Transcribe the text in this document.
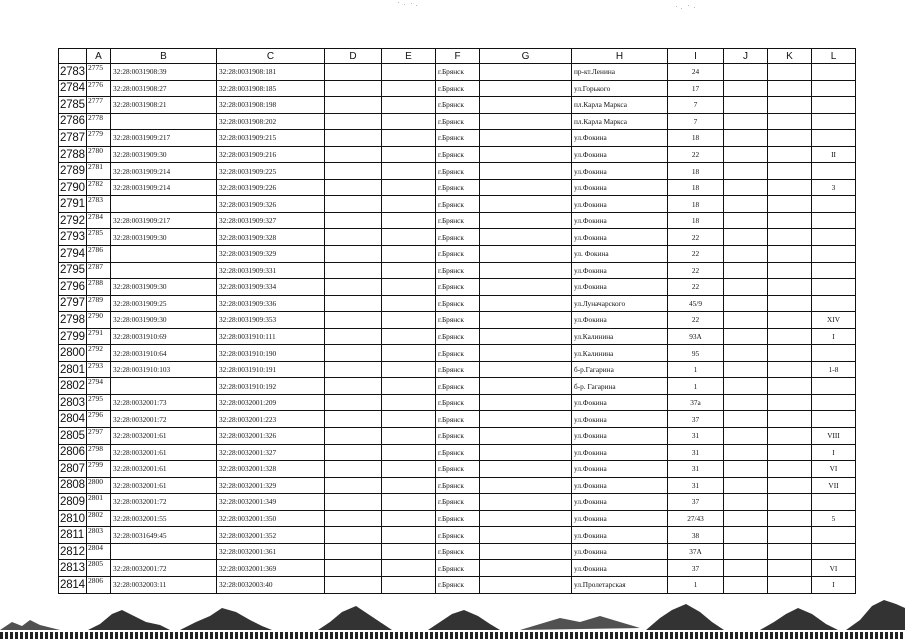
	A	B	C	D	E	F	G	H	I	J	K	L
2783	2775	32:28:0031908:39	32:28:0031908:181			г.Брянск		пр-кт.Ленина	24			
2784	2776	32:28:0031908:27	32:28:0031908:185			г.Брянск		ул.Горького	17			
2785	2777	32:28:0031908:21	32:28:0031908:198			г.Брянск		пл.Карла Маркса	7			
2786	2778		32:28:0031908:202			г.Брянск		пл.Карла Маркса	7			
2787	2779	32:28:0031909:217	32:28:0031909:215			г.Брянск		ул.Фокина	18			
2788	2780	32:28:0031909:30	32:28:0031909:216			г.Брянск		ул.Фокина	22			II
2789	2781	32:28:0031909:214	32:28:0031909:225			г.Брянск		ул.Фокина	18			
2790	2782	32:28:0031909:214	32:28:0031909:226			г.Брянск		ул.Фокина	18			3
2791	2783		32:28:0031909:326			г.Брянск		ул.Фокина	18			
2792	2784	32:28:0031909:217	32:28:0031909:327			г.Брянск		ул.Фокина	18			
2793	2785	32:28:0031909:30	32:28:0031909:328			г.Брянск		ул.Фокина	22			
2794	2786		32:28:0031909:329			г.Брянск		ул. Фокина	22			
2795	2787		32:28:0031909:331			г.Брянск		ул.Фокина	22			
2796	2788	32:28:0031909:30	32:28:0031909:334			г.Брянск		ул.Фокина	22			
2797	2789	32:28:0031909:25	32:28:0031909:336			г.Брянск		ул.Луначарского	45/9			
2798	2790	32:28:0031909:30	32:28:0031909:353			г.Брянск		ул.Фокина	22			XIV
2799	2791	32:28:0031910:69	32:28:0031910:111			г.Брянск		ул.Калинина	93А			I
2800	2792	32:28:0031910:64	32:28:0031910:190			г.Брянск		ул.Калинина	95			
2801	2793	32:28:0031910:103	32:28:0031910:191			г.Брянск		б-р.Гагарина	1			1-8
2802	2794		32:28:0031910:192			г.Брянск		б-р. Гагарина	1			
2803	2795	32:28:0032001:73	32:28:0032001:209			г.Брянск		ул.Фокина	37а			
2804	2796	32:28:0032001:72	32:28:0032001:223			г.Брянск		ул.Фокина	37			
2805	2797	32:28:0032001:61	32:28:0032001:326			г.Брянск		ул.Фокина	31			VIII
2806	2798	32:28:0032001:61	32:28:0032001:327			г.Брянск		ул.Фокина	31			I
2807	2799	32:28:0032001:61	32:28:0032001:328			г.Брянск		ул.Фокина	31			VI
2808	2800	32:28:0032001:61	32:28:0032001:329			г.Брянск		ул.Фокина	31			VII
2809	2801	32:28:0032001:72	32:28:0032001:349			г.Брянск		ул.Фокина	37			
2810	2802	32:28:0032001:55	32:28:0032001:350			г.Брянск		ул.Фокина	27/43			5
2811	2803	32:28:0031649:45	32:28:0032001:352			г.Брянск		ул.Фокина	38			
2812	2804		32:28:0032001:361			г.Брянск		ул.Фокина	37А			
2813	2805	32:28:0032001:72	32:28:0032001:369			г.Брянск		ул.Фокина	37			VI
2814	2806	32:28:0032003:11	32:28:0032003:40			г.Брянск		ул.Пролетарская	1			I
